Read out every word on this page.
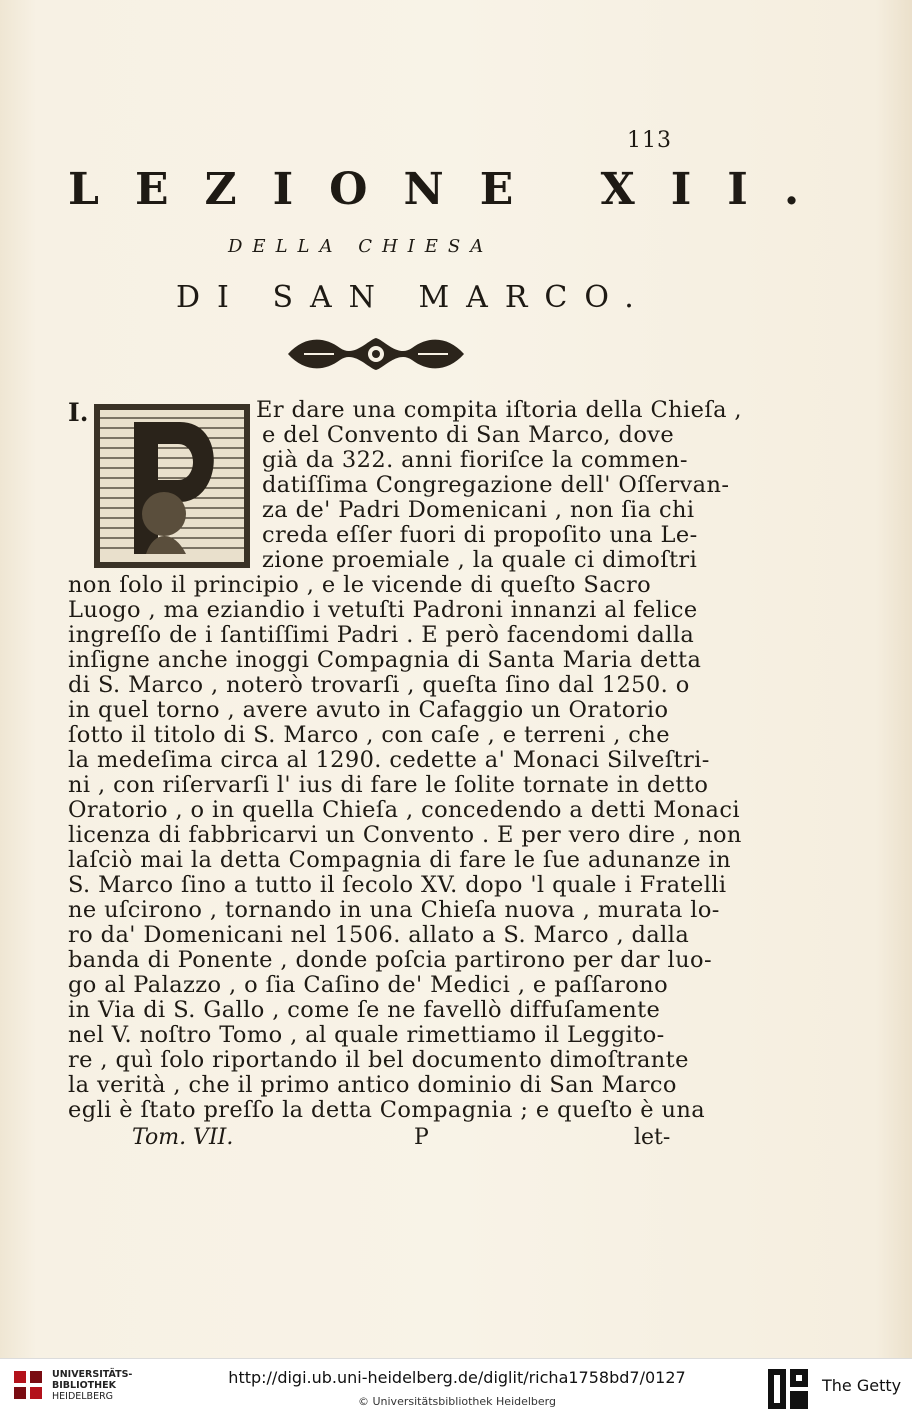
113
LEZIONE XII.
DELLA CHIESA
DI SAN MARCO.
I.	Er dare una compita iſtoria della Chieſa ,
e del Convento di San Marco, dove
già da 322. anni fioriſce la commen-
datiſſima Congregazione dell' Oſſervan-
za de' Padri Domenicani , non ſia chi
creda eſſer fuori di propoſito una Le-
zione proemiale , la quale ci dimoſtri
non ſolo il principio , e le vicende di queſto Sacro
Luogo , ma eziandio i vetuſti Padroni innanzi al felice
ingreſſo de i ſantiſſimi Padri . E però facendomi dalla
inſigne anche inoggi Compagnia di Santa Maria detta
di S. Marco , noterò trovarſi , queſta ſino dal 1250. o
in quel torno , avere avuto in Cafaggio un Oratorio
ſotto il titolo di S. Marco , con caſe , e terreni , che
la medeſima circa al 1290. cedette a' Monaci Silveſtri-
ni , con riſervarſi l' ius di fare le ſolite tornate in detto
Oratorio , o in quella Chieſa , concedendo a detti Monaci
licenza di fabbricarvi un Convento . E per vero dire , non
laſciò mai la detta Compagnia di fare le ſue adunanze in
S. Marco ſino a tutto il ſecolo XV. dopo 'l quale i Fratelli
ne uſcirono , tornando in una Chieſa nuova , murata lo-
ro da' Domenicani nel 1506. allato a S. Marco , dalla
banda di Ponente , donde poſcia partirono per dar luo-
go al Palazzo , o ſia Caſino de' Medici , e paſſarono
in Via di S. Gallo , come ſe ne favellò diffuſamente
nel V. noſtro Tomo , al quale rimettiamo il Leggito-
re , quì ſolo riportando il bel documento dimoſtrante
la verità , che il primo antico dominio di San Marco
egli è ſtato preſſo la detta Compagnia ; e queſto è una
Tom. VII.	P	let-
UNIVERSITÄTS-
BIBLIOTHEK
HEIDELBERG
http://digi.ub.uni-heidelberg.de/diglit/richa1758bd7/0127
© Universitätsbibliothek Heidelberg
The Getty
